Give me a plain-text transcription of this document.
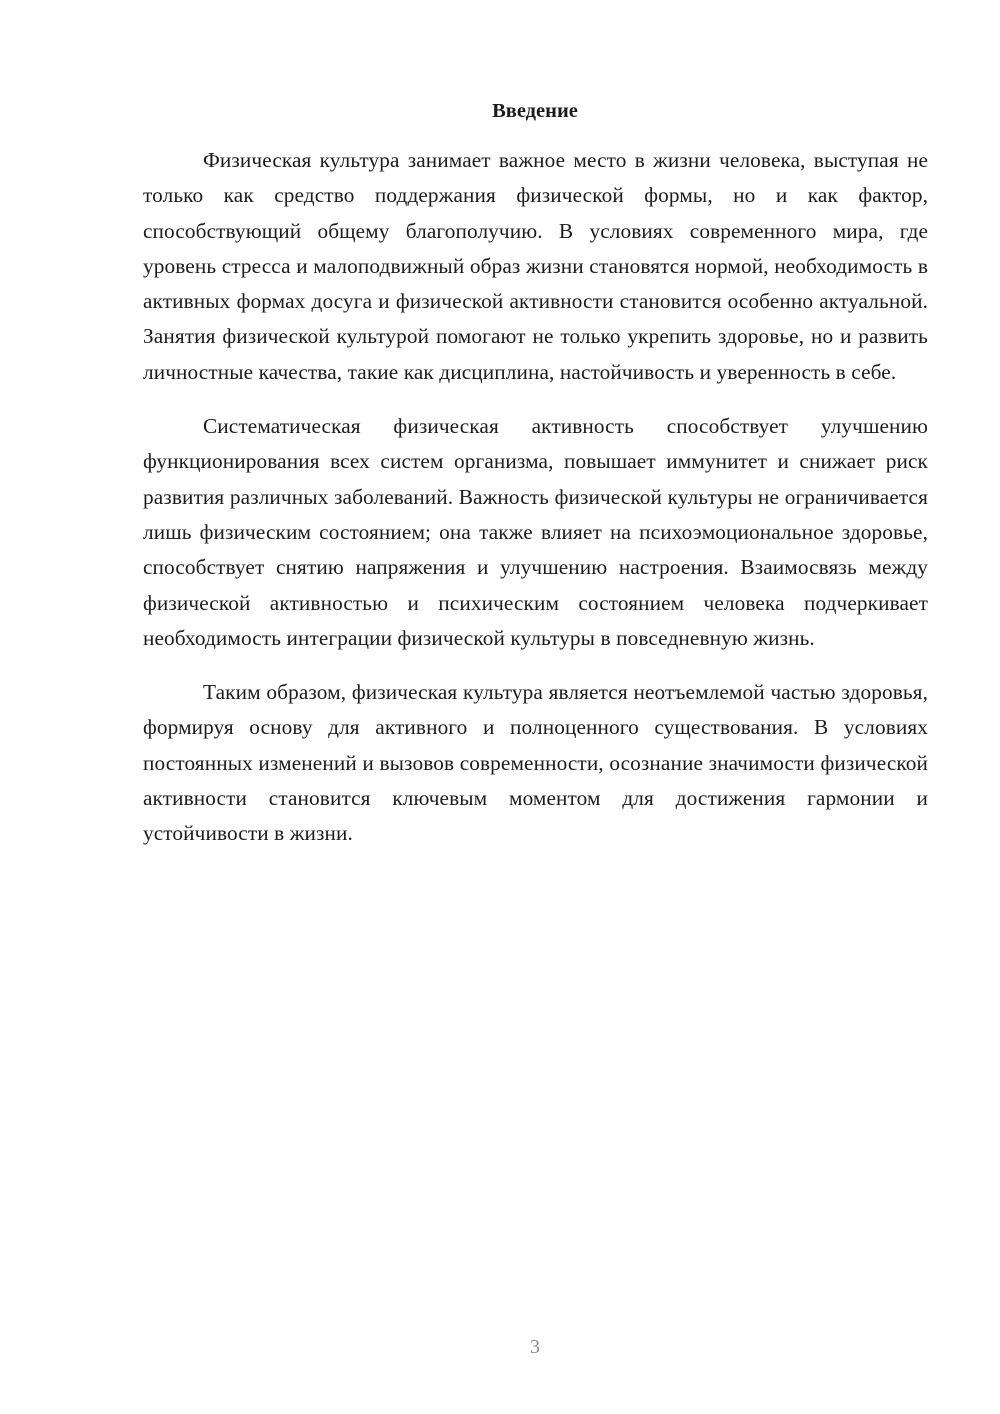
Введение

Физическая культура занимает важное место в жизни человека, выступая не только как средство поддержания физической формы, но и как фактор, способствующий общему благополучию. В условиях современного мира, где уровень стресса и малоподвижный образ жизни становятся нормой, необходимость в активных формах досуга и физической активности становится особенно актуальной. Занятия физической культурой помогают не только укрепить здоровье, но и развить личностные качества, такие как дисциплина, настойчивость и уверенность в себе.

Систематическая физическая активность способствует улучшению функционирования всех систем организма, повышает иммунитет и снижает риск развития различных заболеваний. Важность физической культуры не ограничивается лишь физическим состоянием; она также влияет на психоэмоциональное здоровье, способствует снятию напряжения и улучшению настроения. Взаимосвязь между физической активностью и психическим состоянием человека подчеркивает необходимость интеграции физической культуры в повседневную жизнь.

Таким образом, физическая культура является неотъемлемой частью здоровья, формируя основу для активного и полноценного существования. В условиях постоянных изменений и вызовов современности, осознание значимости физической активности становится ключевым моментом для достижения гармонии и устойчивости в жизни.

3
